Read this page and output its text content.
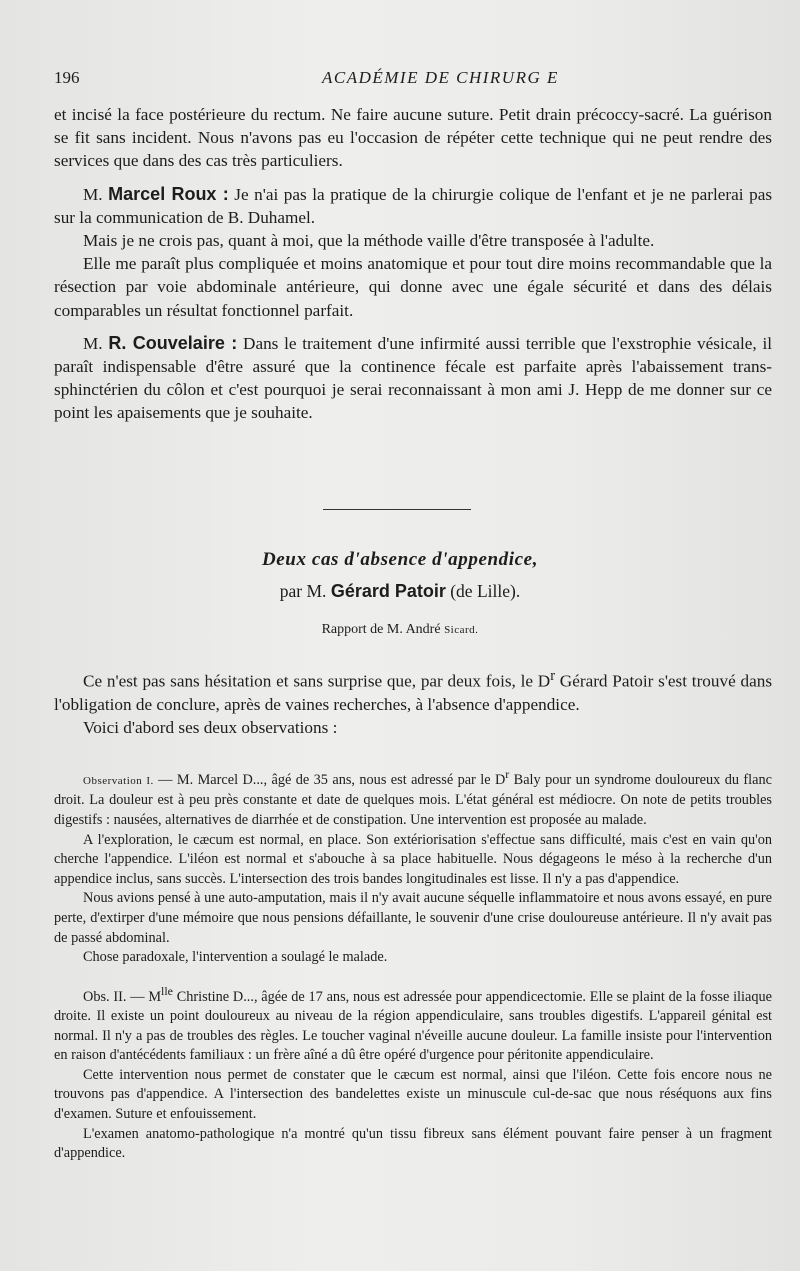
196	ACADÉMIE DE CHIRURG E

et incisé la face postérieure du rectum. Ne faire aucune suture. Petit drain précoccy-sacré. La guérison se fit sans incident. Nous n'avons pas eu l'occasion de répéter cette technique qui ne peut rendre des services que dans des cas très particuliers.

M. Marcel Roux : Je n'ai pas la pratique de la chirurgie colique de l'enfant et je ne parlerai pas sur la communication de B. Duhamel.

Mais je ne crois pas, quant à moi, que la méthode vaille d'être transposée à l'adulte.

Elle me paraît plus compliquée et moins anatomique et pour tout dire moins recommandable que la résection par voie abdominale antérieure, qui donne avec une égale sécurité et dans des délais comparables un résultat fonctionnel parfait.

M. R. Couvelaire : Dans le traitement d'une infirmité aussi terrible que l'exstrophie vésicale, il paraît indispensable d'être assuré que la continence fécale est parfaite après l'abaissement trans-sphinctérien du côlon et c'est pourquoi je serai reconnaissant à mon ami J. Hepp de me donner sur ce point les apaisements que je souhaite.

Deux cas d'absence d'appendice,
par M. Gérard Patoir (de Lille).
Rapport de M. André Sicard.

Ce n'est pas sans hésitation et sans surprise que, par deux fois, le $D^r$ Gérard Patoir s'est trouvé dans l'obligation de conclure, après de vaines recherches, à l'absence d'appendice.

Voici d'abord ses deux observations :

Observation I. — M. Marcel D..., âgé de 35 ans, nous est adressé par le $D^r$ Baly pour un syndrome douloureux du flanc droit. La douleur est à peu près constante et date de quelques mois. L'état général est médiocre. On note de petits troubles digestifs : nausées, alternatives de diarrhée et de constipation. Une intervention est proposée au malade.

A l'exploration, le cæcum est normal, en place. Son extériorisation s'effectue sans difficulté, mais c'est en vain qu'on cherche l'appendice. L'iléon est normal et s'abouche à sa place habituelle. Nous dégageons le méso à la recherche d'un appendice inclus, sans succès. L'intersection des trois bandes longitudinales est lisse. Il n'y a pas d'appendice.

Nous avions pensé à une auto-amputation, mais il n'y avait aucune séquelle inflammatoire et nous avons essayé, en pure perte, d'extirper d'une mémoire que nous pensions défaillante, le souvenir d'une crise douloureuse antérieure. Il n'y avait pas de passé abdominal.

Chose paradoxale, l'intervention a soulagé le malade.

Obs. II. — $M^{lle}$ Christine D..., âgée de 17 ans, nous est adressée pour appendicectomie. Elle se plaint de la fosse iliaque droite. Il existe un point douloureux au niveau de la région appendiculaire, sans troubles digestifs. L'appareil génital est normal. Il n'y a pas de troubles des règles. Le toucher vaginal n'éveille aucune douleur. La famille insiste pour l'intervention en raison d'antécédents familiaux : un frère aîné a dû être opéré d'urgence pour péritonite appendiculaire.

Cette intervention nous permet de constater que le cæcum est normal, ainsi que l'iléon. Cette fois encore nous ne trouvons pas d'appendice. A l'intersection des bandelettes existe un minuscule cul-de-sac que nous réséquons aux fins d'examen. Suture et enfouissement.

L'examen anatomo-pathologique n'a montré qu'un tissu fibreux sans élément pouvant faire penser à un fragment d'appendice.
